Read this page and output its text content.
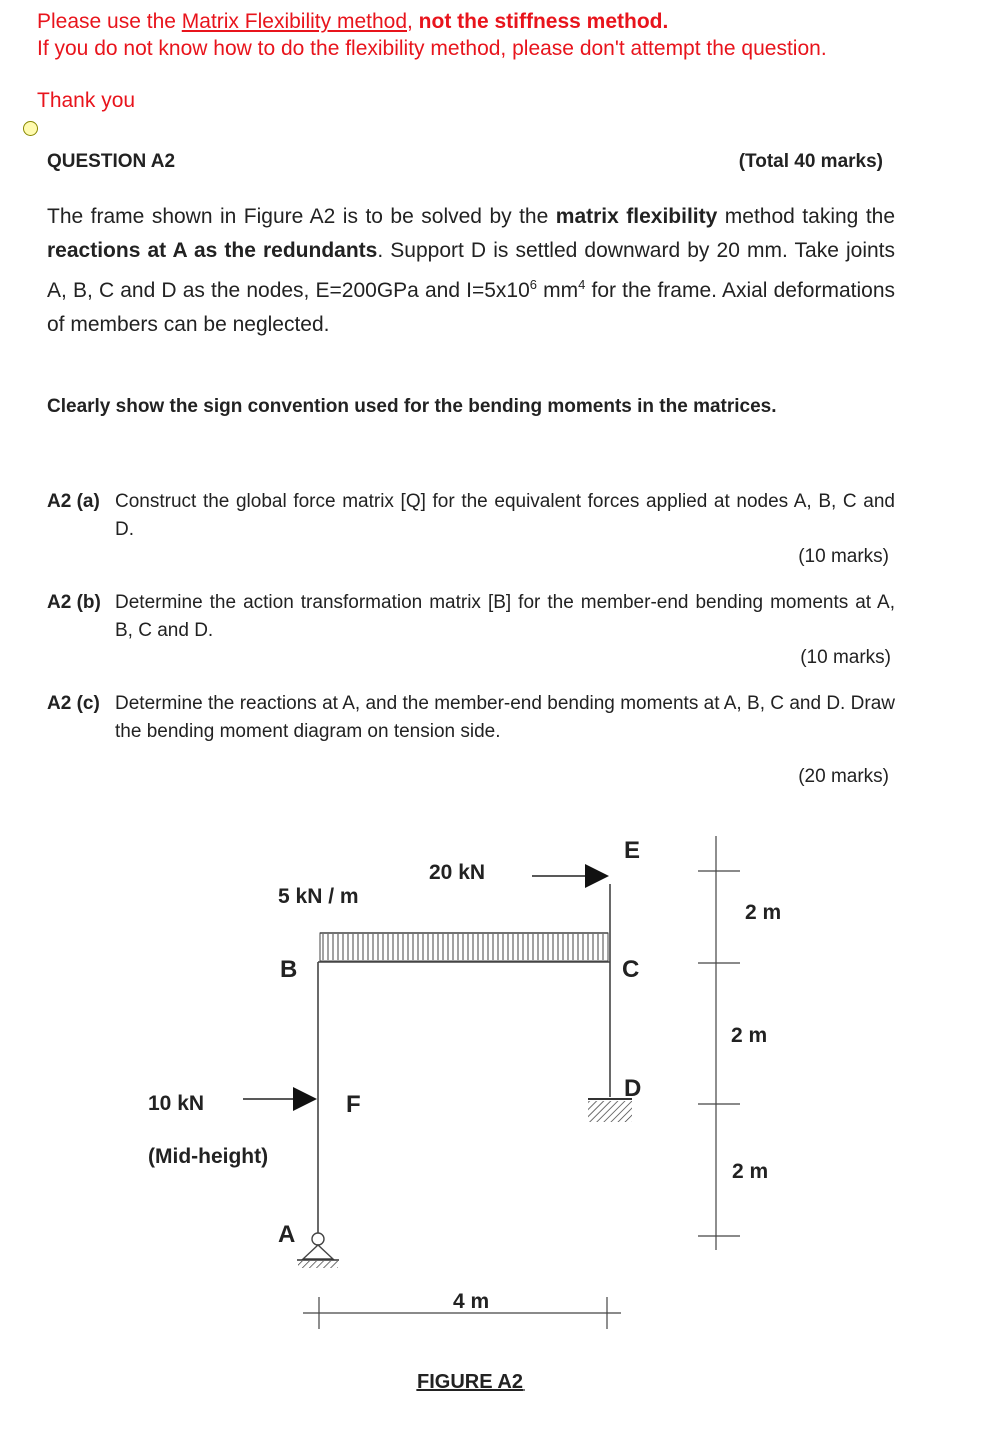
Please use the Matrix Flexibility method, not the stiffness method.
If you do not know how to do the flexibility method, please don't attempt the question.
Thank you
QUESTION A2	(Total 40 marks)
The frame shown in Figure A2 is to be solved by the matrix flexibility method taking the reactions at A as the redundants. Support D is settled downward by 20 mm. Take joints A, B, C and D as the nodes, E=200GPa and $I=5x10^6$ $mm^4$ for the frame. Axial deformations of members can be neglected.
Clearly show the sign convention used for the bending moments in the matrices.
A2 (a) Construct the global force matrix [Q] for the equivalent forces applied at nodes A, B, C and D.
(10 marks)
A2 (b) Determine the action transformation matrix [B] for the member-end bending moments at A, B, C and D.
(10 marks)
A2 (c) Determine the reactions at A, and the member-end bending moments at A, B, C and D. Draw the bending moment diagram on tension side.
(20 marks)
5 kN / m
20 kN
10 kN
(Mid-height)
2 m
2 m
2 m
4 m
B	C
E
D
F
A
FIGURE A2
